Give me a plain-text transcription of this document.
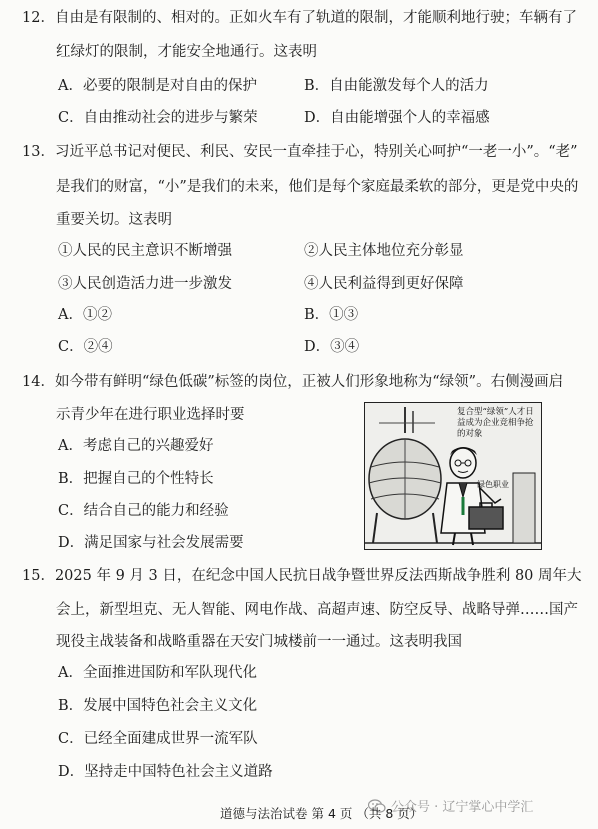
12．自由是有限制的、相对的。正如火车有了轨道的限制，才能顺利地行驶；车辆有了
红绿灯的限制，才能安全地通行。这表明
A．必要的限制是对自由的保护	B．自由能激发每个人的活力
C．自由推动社会的进步与繁荣	D．自由能增强个人的幸福感
13．习近平总书记对便民、利民、安民一直牵挂于心，特别关心呵护“一老一小”。“老”
是我们的财富，“小”是我们的未来，他们是每个家庭最柔软的部分，更是党中央的
重要关切。这表明
①人民的民主意识不断增强	②人民主体地位充分彰显
③人民创造活力进一步激发	④人民利益得到更好保障
A．①②	B．①③
C．②④	D．③④
14．如今带有鲜明“绿色低碳”标签的岗位，正被人们形象地称为“绿领”。右侧漫画启
示青少年在进行职业选择时要
A．考虑自己的兴趣爱好
B．把握自己的个性特长
C．结合自己的能力和经验
D．满足国家与社会发展需要
复合型“绿领”人才日益成为企业竞相争抢的对象
绿色职业
15．2025 年 9 月 3 日，在纪念中国人民抗日战争暨世界反法西斯战争胜利 80 周年大
会上，新型坦克、无人智能、网电作战、高超声速、防空反导、战略导弹……国产
现役主战装备和战略重器在天安门城楼前一一通过。这表明我国
A．全面推进国防和军队现代化
B．发展中国特色社会主义文化
C．已经全面建成世界一流军队
D．坚持走中国特色社会主义道路
公众号 · 辽宁掌心中学汇
道德与法治试卷 第 4 页 （共 8 页）
